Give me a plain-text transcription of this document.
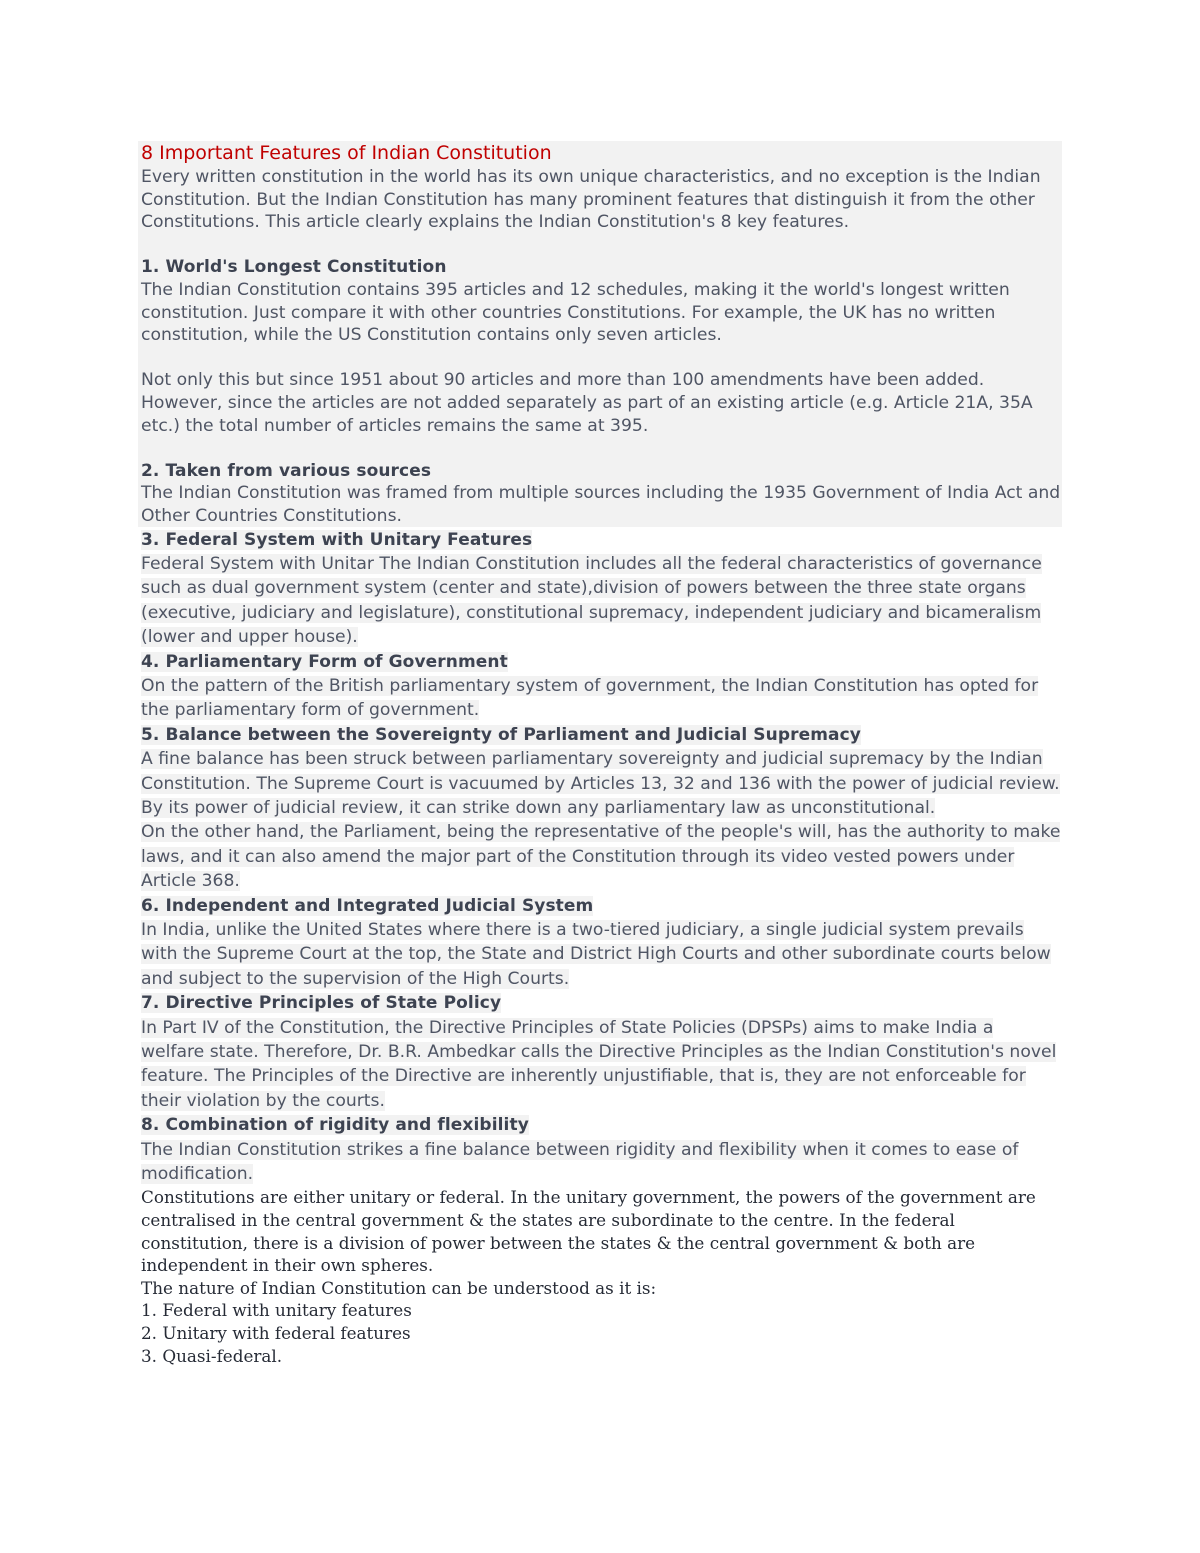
8 Important Features of Indian Constitution

Every written constitution in the world has its own unique characteristics, and no exception is the Indian Constitution. But the Indian Constitution has many prominent features that distinguish it from the other Constitutions. This article clearly explains the Indian Constitution's 8 key features.

1. World's Longest Constitution

The Indian Constitution contains 395 articles and 12 schedules, making it the world's longest written constitution. Just compare it with other countries Constitutions. For example, the UK has no written constitution, while the US Constitution contains only seven articles.

Not only this but since 1951 about 90 articles and more than 100 amendments have been added. However, since the articles are not added separately as part of an existing article (e.g. Article 21A, 35A etc.) the total number of articles remains the same at 395.

2. Taken from various sources

The Indian Constitution was framed from multiple sources including the 1935 Government of India Act and Other Countries Constitutions.

3. Federal System with Unitary Features
Federal System with Unitar The Indian Constitution includes all the federal characteristics of governance such as dual government system (center and state),division of powers between the three state organs (executive, judiciary and legislature), constitutional supremacy, independent judiciary and bicameralism (lower and upper house).
4. Parliamentary Form of Government
On the pattern of the British parliamentary system of government, the Indian Constitution has opted for the parliamentary form of government.
5. Balance between the Sovereignty of Parliament and Judicial Supremacy
A fine balance has been struck between parliamentary sovereignty and judicial supremacy by the Indian Constitution. The Supreme Court is vacuumed by Articles 13, 32 and 136 with the power of judicial review. By its power of judicial review, it can strike down any parliamentary law as unconstitutional.
On the other hand, the Parliament, being the representative of the people's will, has the authority to make laws, and it can also amend the major part of the Constitution through its video vested powers under Article 368.
6. Independent and Integrated Judicial System
In India, unlike the United States where there is a two-tiered judiciary, a single judicial system prevails with the Supreme Court at the top, the State and District High Courts and other subordinate courts below and subject to the supervision of the High Courts.
7. Directive Principles of State Policy
In Part IV of the Constitution, the Directive Principles of State Policies (DPSPs) aims to make India a welfare state. Therefore, Dr. B.R. Ambedkar calls the Directive Principles as the Indian Constitution's novel feature. The Principles of the Directive are inherently unjustifiable, that is, they are not enforceable for their violation by the courts.
8. Combination of rigidity and flexibility
The Indian Constitution strikes a fine balance between rigidity and flexibility when it comes to ease of modification.

Constitutions are either unitary or federal. In the unitary government, the powers of the government are centralised in the central government & the states are subordinate to the centre. In the federal constitution, there is a division of power between the states & the central government & both are independent in their own spheres.

The nature of Indian Constitution can be understood as it is:

1. Federal with unitary features
2. Unitary with federal features
3. Quasi-federal.
